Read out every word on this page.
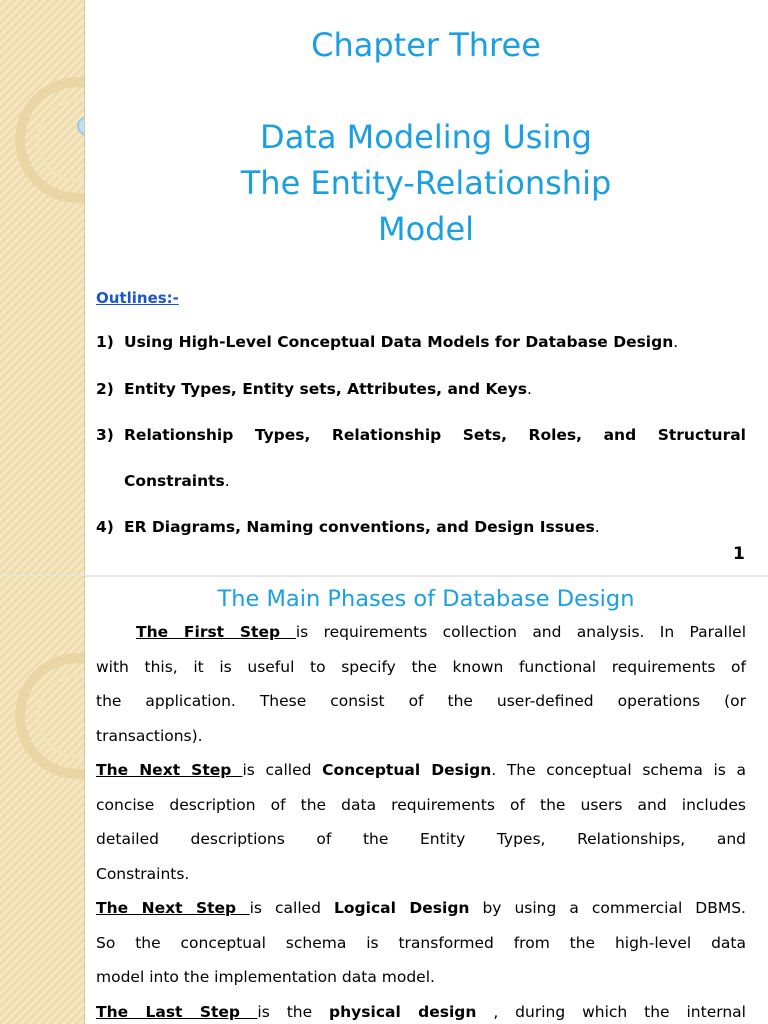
Chapter Three
Data Modeling Using
The Entity-Relationship
Model
Outlines:-
1) Using High-Level Conceptual Data Models for Database Design.
2) Entity Types, Entity sets, Attributes, and Keys.
3) Relationship Types, Relationship Sets, Roles, and Structural
Constraints.
4) ER Diagrams, Naming conventions, and Design Issues.
1
The Main Phases of Database Design
The First Step is requirements collection and analysis. In Parallel
with this, it is useful to specify the known functional requirements of
the application. These consist of the user-defined operations (or
transactions).
The Next Step is called Conceptual Design. The conceptual schema is a
concise description of the data requirements of the users and includes
detailed descriptions of the Entity Types, Relationships, and
Constraints.
The Next Step is called Logical Design by using a commercial DBMS.
So the conceptual schema is transformed from the high-level data
model into the implementation data model.
The Last Step is the physical design , during which the internal
